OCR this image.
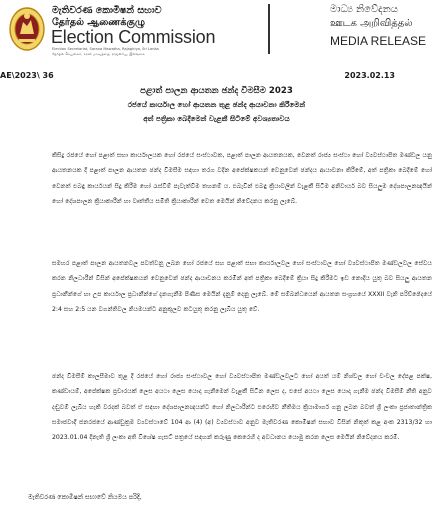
මැතිවරණ කොමිෂන් සභාව
தேர்தல் ஆணைக்குழு
Election Commission
Election Secretariat, Sarana Mawatha, Rajagiriya, Sri Lanka
தேர்தல் செயலகம், சரண மாவத்தை, ராஜகிரிய, இலங்கை
මාධ්‍ය නිවේදනය
ஊடக அறிவித்தல்
MEDIA RELEASE
AE\2023\ 36	2023.02.13

පළාත් පාලන ආයතන ඡන්ද විමසීම 2023

රජයේ කාර්යාල හෝ ආයතන තුළ ඡන්ද ආයාචනා කිරීමෙන්

අත් පත්‍රිකා බෙදීමෙන් වැළකී සිටීමේ අවශ්‍යතාවය

කිසිදු රජයේ හෝ පළාත් සභා කාර්යාලයක හෝ රජයේ සංස්ථාවක, පළාත් පාලන ආයතනයක, වෙනත් රාජ්‍ය සංස්ථා හෝ ව්‍යවස්ථාපිත මණ්ඩල යනු ආයතනයක දී පළාත් පාලන ආයතන ඡන්ද විමසීම සඳහා තරග වදින අපේක්ෂකයන් වෙනුවෙන් ඡන්දය ආයාචනා කිරීමේ, අත් පත්‍රිකා බෙදීමේ හෝ වෙනත් එබඳු කාර්යයන් සිදු කිරීම හෝ රැස්වීම් පැවැත්වීම තහනම් ය. එබැවින් එබඳු ක්‍රියාවලින් වැළකී සිටීම අනිවාර්ය බව සියලුම දේශපාලනඥයින් හෝ දේශපාලන ක්‍රියාකාරීන් හා වෘත්තීය සමිති ක්‍රියාකාරීන් වෙත මෙයින් නිවේදනය කරනු ලැබේ.

සමහර පළාත් පාලන ආයතනවල පවත්වනු ලබන හෝ රජයේ සහ පළාත් සභා කාර්යාලවල හෝ සංස්ථාවල හෝ ව්‍යවස්ථාපිත මණ්ඩලවල සේවය කරන නිලධාරීන් විසින් අපේක්ෂකයන් වෙනුවෙන් ඡන්ද ආයාචනය කරමින් අත් පත්‍රිකා බෙදීමේ ක්‍රියා සිදු කිරීමට ඉඩ නොදිය යුතු බව සියලු ආයතන ප්‍රධානීන්ගේ හා උප කාර්යාල ප්‍රධානීන්ගේ දැනගැනීම පිණිස මෙයින් දැනුම් දෙනු ලැබේ. මේ සම්බන්ධයෙන් ආයතන සංග්‍රහයේ XXXII වැනි පරිච්ඡේදයේ 2:4 සහ 2:5 යන වගන්තිවල නියමයන්ට අනුකූලව කටයුතු කරනු ලැබිය යුතු වේ.

ඡන්ද විමසීම් කාලසීමාව තුළ දී රජයේ හෝ රාජ්‍ය සංස්ථාවල හෝ ව්‍යවස්ථාපිත මණ්ඩලවලට හෝ අයත් යම් නිශ්චල හෝ චංචල දේපළ පක්ෂ, කණ්ඩායම්, අපේක්ෂක ප්‍රචාරයක් ලෙස අයථා ලෙස යොදා ගැනීමෙන් වැළකී සිටින ලෙස ද, එසේ අයථා ලෙස යොදා ගැනීම ඡන්ද විමසීම් නීති අනුව දඬුවම් ලැබිය හැකි වරදක් බවත් ඒ සඳහා දේශපාලනඥයන්ට හෝ නිලධාරීන්ට එරෙහිව නීතිමය ක්‍රියාමාර්ග ගනු ලබන බවත් ශ්‍රී ලංකා ප්‍රජාතාන්ත්‍රික සමාජවාදී ජනරජයේ ආණ්ඩුක්‍රම ව්‍යවස්ථාවේ 104 ආ (4) (අ) ව්‍යවස්ථාව අනුව මැතිවරණ කොමිෂන් සභාව විසින් නිකුත් කළ අංක 2313/32 හා 2023.01.04 දිනැති ශ්‍රී ලංකා අති විශේෂ ගැසට් පත්‍රයේ සඳහන් කරුණු කෙරෙහි ද අවධානය යොමු කරන ලෙස මෙයින් නිවේදනය කරමි.

මැතිවරණ කොමිෂන් සභාවේ නියමය පරිදි,
